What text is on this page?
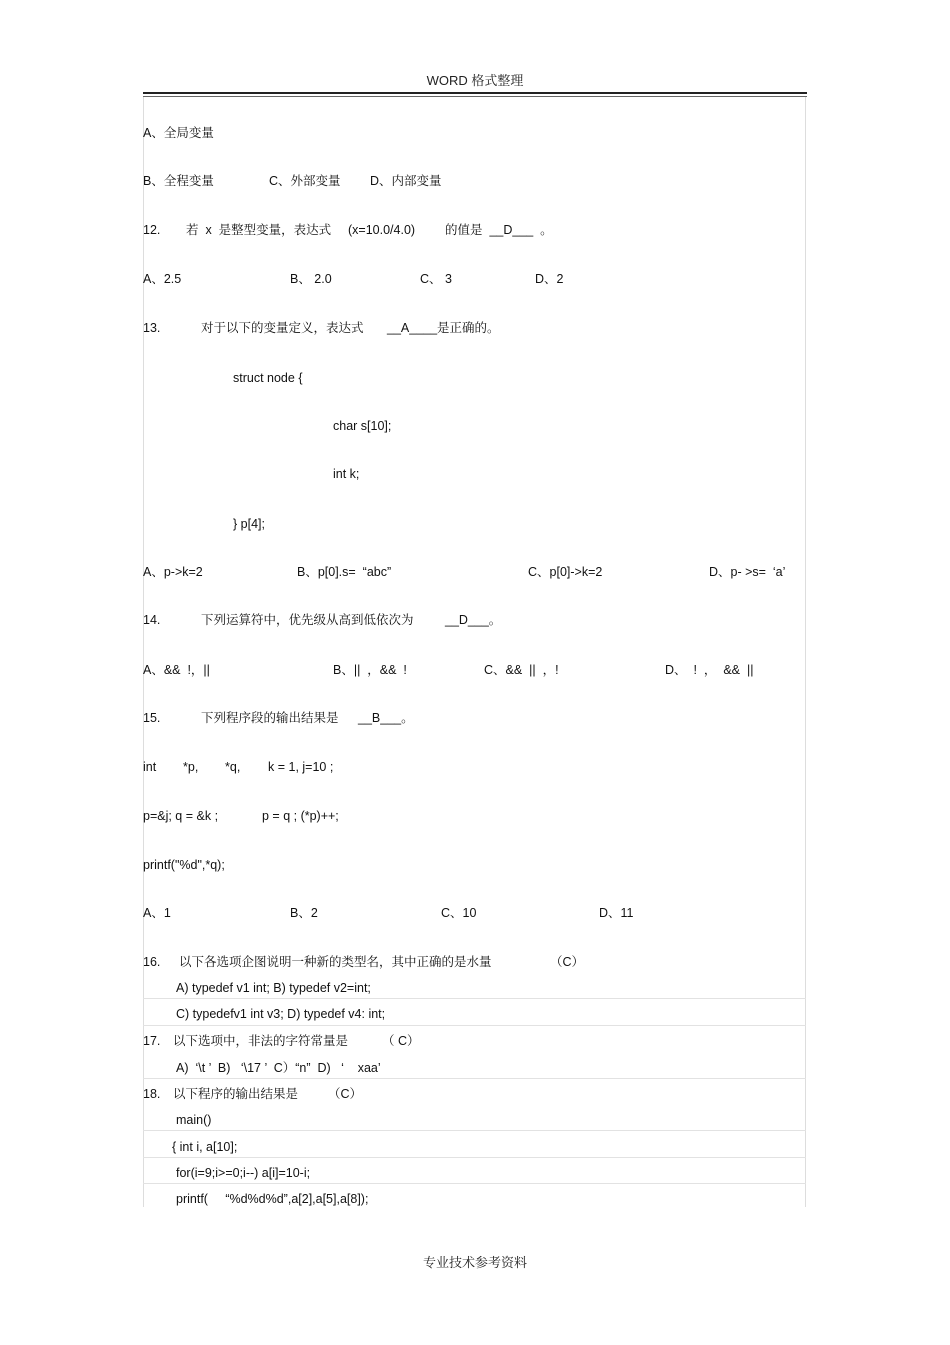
WORD 格式整理
A、全局变量
B、全程变量	C、外部变量 D、内部变量
12. 若  x  是整型变量，表达式 (x=10.0/4.0) 的值是  __D___  。
A、2.5	B、 2.0	C、 3	D、2
13.	对于以下的变量定义，表达式 __A____是正确的。
struct node {
char s[10];
int k;
} p[4];
A、p->k=2	B、p[0].s=  “abc”	C、p[0]->k=2	D、p- >s=  ‘a’
14.	下列运算符中，优先级从高到低依次为	__D___。
A、&&  !，||	B、||  ，&&  !	C、&&  ||  ，!	D、  !  ，  &&  ||
15.	下列程序段的输出结果是 __B___。
int *p, *q, k = 1, j=10 ;
p=&j; q = &k ;	p = q ; (*p)++;
printf("%d",*q);
A、1	B、2	C、10	D、11
16. 以下各选项企图说明一种新的类型名，其中正确的是水量	（C）
A) typedef v1 int; B) typedef v2=int;
C) typedefv1 int v3; D) typedef v4: int;
17. 以下选项中，非法的字符常量是	（ C）
A)  ‘\t ’  B)   ‘\17 ’  C）“n”  D)   ‘    xaa’
18. 以下程序的输出结果是 （C）
main()
{ int i, a[10];
for(i=9;i>=0;i--) a[i]=10-i;
printf(     “%d%d%d”,a[2],a[5],a[8]);
专业技术参考资料
